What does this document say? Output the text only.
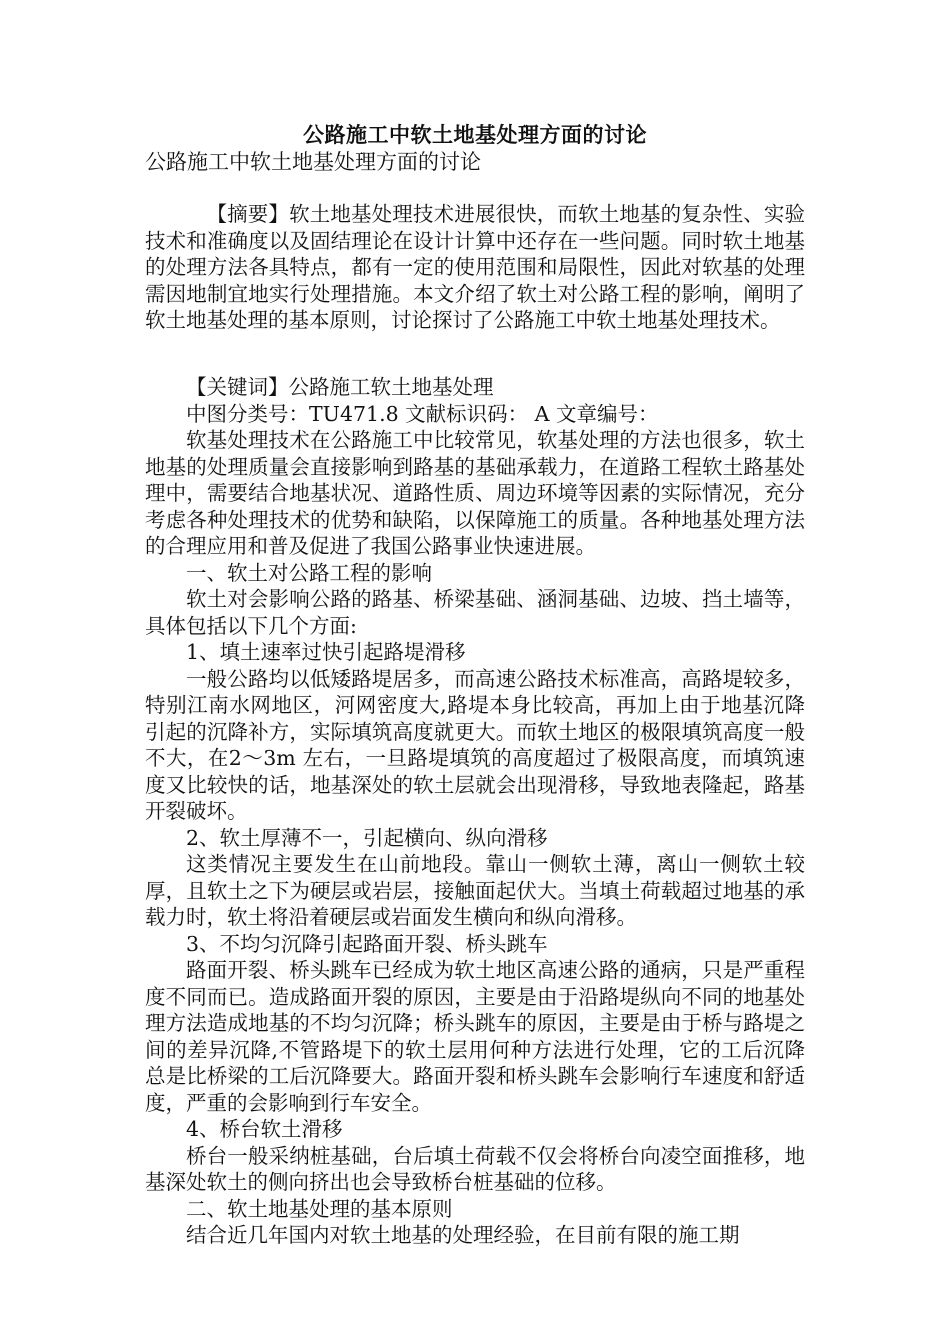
公路施工中软土地基处理方面的讨论
公路施工中软土地基处理方面的讨论

【摘要】软土地基处理技术进展很快，而软土地基的复杂性、实验技术和准确度以及固结理论在设计计算中还存在一些问题。同时软土地基的处理方法各具特点，都有一定的使用范围和局限性，因此对软基的处理需因地制宜地实行处理措施。本文介绍了软土对公路工程的影响，阐明了软土地基处理的基本原则，讨论探讨了公路施工中软土地基处理技术。

【关键词】公路施工软土地基处理

中图分类号：TU471.8 文献标识码： A 文章编号：

软基处理技术在公路施工中比较常见，软基处理的方法也很多，软土地基的处理质量会直接影响到路基的基础承载力，在道路工程软土路基处理中，需要结合地基状况、道路性质、周边环境等因素的实际情况，充分考虑各种处理技术的优势和缺陷，以保障施工的质量。各种地基处理方法的合理应用和普及促进了我国公路事业快速进展。

一、软土对公路工程的影响

软土对会影响公路的路基、桥梁基础、涵洞基础、边坡、挡土墙等，具体包括以下几个方面:

1、填土速率过快引起路堤滑移

一般公路均以低矮路堤居多，而高速公路技术标准高，高路堤较多，特别江南水网地区，河网密度大,路堤本身比较高，再加上由于地基沉降引起的沉降补方，实际填筑高度就更大。而软土地区的极限填筑高度一般不大，在2～3m 左右，一旦路堤填筑的高度超过了极限高度，而填筑速度又比较快的话，地基深处的软土层就会出现滑移，导致地表隆起，路基开裂破坏。

2、软土厚薄不一，引起横向、纵向滑移

这类情况主要发生在山前地段。靠山一侧软土薄，离山一侧软土较厚，且软土之下为硬层或岩层，接触面起伏大。当填土荷载超过地基的承载力时，软土将沿着硬层或岩面发生横向和纵向滑移。

3、不均匀沉降引起路面开裂、桥头跳车

路面开裂、桥头跳车已经成为软土地区高速公路的通病，只是严重程度不同而已。造成路面开裂的原因，主要是由于沿路堤纵向不同的地基处理方法造成地基的不均匀沉降；桥头跳车的原因，主要是由于桥与路堤之间的差异沉降,不管路堤下的软土层用何种方法进行处理，它的工后沉降总是比桥梁的工后沉降要大。路面开裂和桥头跳车会影响行车速度和舒适度，严重的会影响到行车安全。

4、桥台软土滑移

桥台一般采纳桩基础，台后填土荷载不仅会将桥台向凌空面推移，地基深处软土的侧向挤出也会导致桥台桩基础的位移。

二、软土地基处理的基本原则

结合近几年国内对软土地基的处理经验，在目前有限的施工期
